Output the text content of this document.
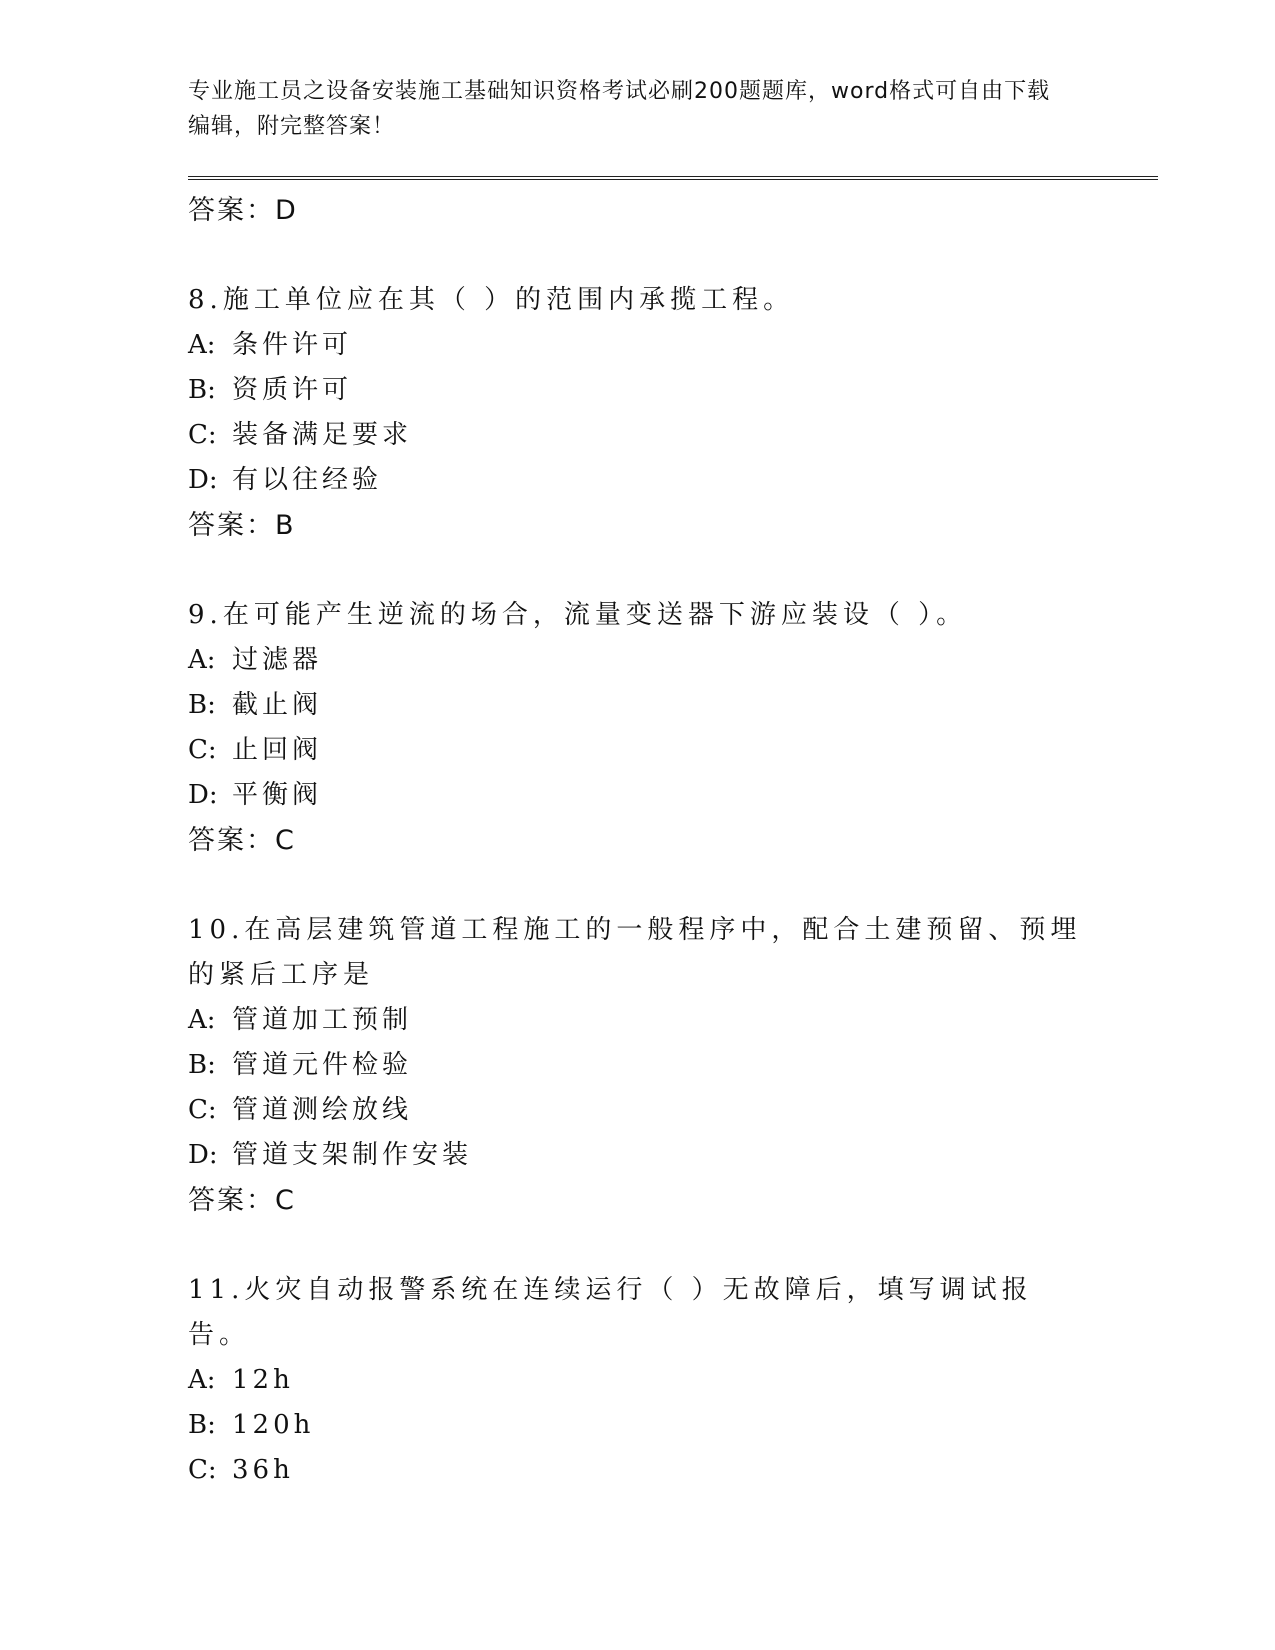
专业施工员之设备安装施工基础知识资格考试必刷200题题库，word格式可自由下载编辑，附完整答案！
答案：D
8.施工单位应在其（ ）的范围内承揽工程。
A: 条件许可
B: 资质许可
C: 装备满足要求
D: 有以往经验
答案：B
9.在可能产生逆流的场合，流量变送器下游应装设（ ）。
A: 过滤器
B: 截止阀
C: 止回阀
D: 平衡阀
答案：C
10.在高层建筑管道工程施工的一般程序中，配合土建预留、预埋的紧后工序是
A: 管道加工预制
B: 管道元件检验
C: 管道测绘放线
D: 管道支架制作安装
答案：C
11.火灾自动报警系统在连续运行（ ）无故障后，填写调试报告。
A: 12h
B: 120h
C: 36h
